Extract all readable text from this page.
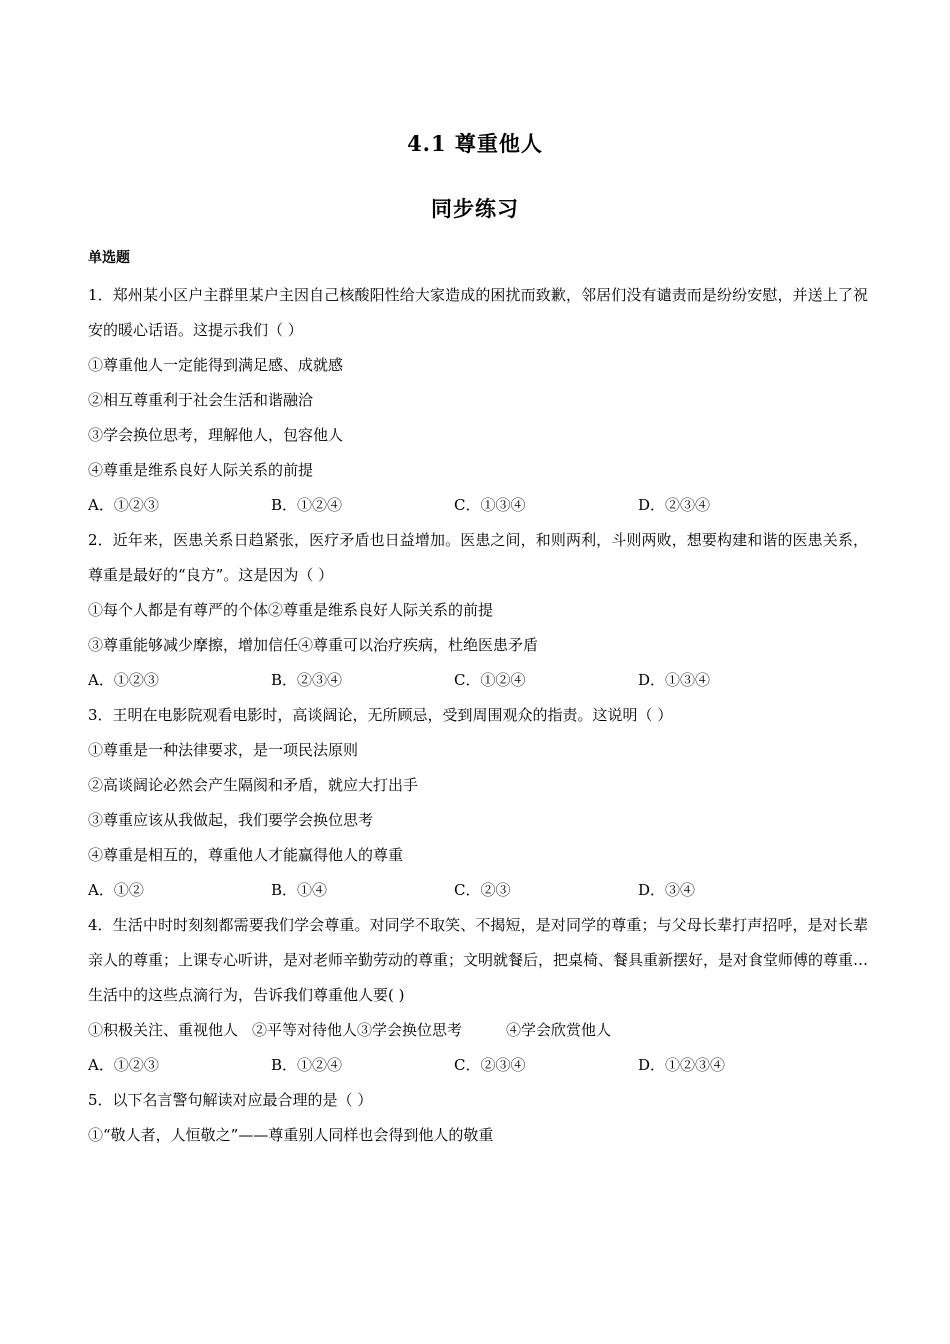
4.1 尊重他人
同步练习
单选题

1．郑州某小区户主群里某户主因自己核酸阳性给大家造成的困扰而致歉，邻居们没有谴责而是纷纷安慰，并送上了祝安的暖心话语。这提示我们（ ）

①尊重他人一定能得到满足感、成就感

②相互尊重利于社会生活和谐融洽

③学会换位思考，理解他人，包容他人

④尊重是维系良好人际关系的前提

A．①②③	B．①②④	C．①③④	D．②③④

2．近年来，医患关系日趋紧张，医疗矛盾也日益增加。医患之间，和则两利，斗则两败，想要构建和谐的医患关系，尊重是最好的“良方”。这是因为（ ）

①每个人都是有尊严的个体②尊重是维系良好人际关系的前提

③尊重能够减少摩擦，增加信任④尊重可以治疗疾病，杜绝医患矛盾

A．①②③	B．②③④	C．①②④	D．①③④

3．王明在电影院观看电影时，高谈阔论，无所顾忌，受到周围观众的指责。这说明（ ）

①尊重是一种法律要求，是一项民法原则

②高谈阔论必然会产生隔阂和矛盾，就应大打出手

③尊重应该从我做起，我们要学会换位思考

④尊重是相互的，尊重他人才能赢得他人的尊重

A．①②	B．①④	C．②③	D．③④

4．生活中时时刻刻都需要我们学会尊重。对同学不取笑、不揭短，是对同学的尊重；与父母长辈打声招呼，是对长辈亲人的尊重；上课专心听讲，是对老师辛勤劳动的尊重；文明就餐后，把桌椅、餐具重新摆好，是对食堂师傅的尊重…生活中的这些点滴行为，告诉我们尊重他人要( )

①积极关注、重视他人 ②平等对待他人③学会换位思考	④学会欣赏他人

A．①②③	B．①②④	C．②③④	D．①②③④

5．以下名言警句解读对应最合理的是（ ）

①“敬人者，人恒敬之”——尊重别人同样也会得到他人的敬重
